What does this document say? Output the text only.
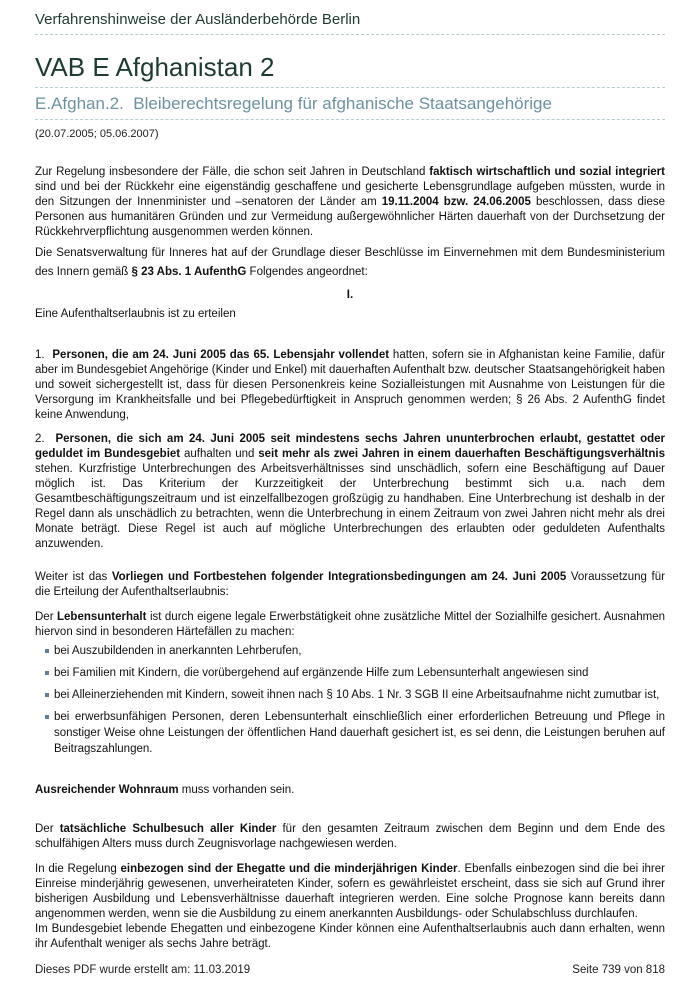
Verfahrenshinweise der Ausländerbehörde Berlin
VAB E Afghanistan 2
E.Afghan.2.  Bleiberechtsregelung für afghanische Staatsangehörige
(20.07.2005; 05.06.2007)

Zur Regelung insbesondere der Fälle, die schon seit Jahren in Deutschland faktisch wirtschaftlich und sozial integriert sind und bei der Rückkehr eine eigenständig geschaffene und gesicherte Lebensgrundlage aufgeben müssten, wurde in den Sitzungen der Innenminister und –senatoren der Länder am 19.11.2004 bzw. 24.06.2005 beschlossen, dass diese Personen aus humanitären Gründen und zur Vermeidung außergewöhnlicher Härten dauerhaft von der Durchsetzung der Rückkehrverpflichtung ausgenommen werden können.

Die Senatsverwaltung für Inneres hat auf der Grundlage dieser Beschlüsse im Einvernehmen mit dem Bundesministerium des Innern gemäß § 23 Abs. 1 AufenthG Folgendes angeordnet:

I.

Eine Aufenthaltserlaubnis ist zu erteilen

1.  Personen, die am 24. Juni 2005 das 65. Lebensjahr vollendet hatten, sofern sie in Afghanistan keine Familie, dafür aber im Bundesgebiet Angehörige (Kinder und Enkel) mit dauerhaften Aufenthalt bzw. deutscher Staatsangehörigkeit haben und soweit sichergestellt ist, dass für diesen Personenkreis keine Sozialleistungen mit Ausnahme von Leistungen für die Versorgung im Krankheitsfalle und bei Pflegebedürftigkeit in Anspruch genommen werden; § 26 Abs. 2 AufenthG findet keine Anwendung,

2.  Personen, die sich am 24. Juni 2005 seit mindestens sechs Jahren ununterbrochen erlaubt, gestattet oder geduldet im Bundesgebiet aufhalten und seit mehr als zwei Jahren in einem dauerhaften Beschäftigungsverhältnis stehen. Kurzfristige Unterbrechungen des Arbeitsverhältnisses sind unschädlich, sofern eine Beschäftigung auf Dauer möglich ist. Das Kriterium der Kurzzeitigkeit der Unterbrechung bestimmt sich u.a. nach dem Gesamtbeschäftigungszeitraum und ist einzelfallbezogen großzügig zu handhaben. Eine Unterbrechung ist deshalb in der Regel dann als unschädlich zu betrachten, wenn die Unterbrechung in einem Zeitraum von zwei Jahren nicht mehr als drei Monate beträgt. Diese Regel ist auch auf mögliche Unterbrechungen des erlaubten oder geduldeten Aufenthalts anzuwenden.

Weiter ist das Vorliegen und Fortbestehen folgender Integrationsbedingungen am 24. Juni 2005 Voraussetzung für die Erteilung der Aufenthaltserlaubnis:

Der Lebensunterhalt ist durch eigene legale Erwerbstätigkeit ohne zusätzliche Mittel der Sozialhilfe gesichert. Ausnahmen hiervon sind in besonderen Härtefällen zu machen:

bei Auszubildenden in anerkannten Lehrberufen,
bei Familien mit Kindern, die vorübergehend auf ergänzende Hilfe zum Lebensunterhalt angewiesen sind
bei Alleinerziehenden mit Kindern, soweit ihnen nach § 10 Abs. 1 Nr. 3 SGB II eine Arbeitsaufnahme nicht zumutbar ist,
bei erwerbsunfähigen Personen, deren Lebensunterhalt einschließlich einer erforderlichen Betreuung und Pflege in sonstiger Weise ohne Leistungen der öffentlichen Hand dauerhaft gesichert ist, es sei denn, die Leistungen beruhen auf Beitragszahlungen.

Ausreichender Wohnraum muss vorhanden sein.

Der tatsächliche Schulbesuch aller Kinder für den gesamten Zeitraum zwischen dem Beginn und dem Ende des schulfähigen Alters muss durch Zeugnisvorlage nachgewiesen werden.

In die Regelung einbezogen sind der Ehegatte und die minderjährigen Kinder. Ebenfalls einbezogen sind die bei ihrer Einreise minderjährig gewesenen, unverheirateten Kinder, sofern es gewährleistet erscheint, dass sie sich auf Grund ihrer bisherigen Ausbildung und Lebensverhältnisse dauerhaft integrieren werden. Eine solche Prognose kann bereits dann angenommen werden, wenn sie die Ausbildung zu einem anerkannten Ausbildungs- oder Schulabschluss durchlaufen.

Im Bundesgebiet lebende Ehegatten und einbezogene Kinder können eine Aufenthaltserlaubnis auch dann erhalten, wenn ihr Aufenthalt weniger als sechs Jahre beträgt.

Dieses PDF wurde erstellt am: 11.03.2019	Seite 739 von 818
